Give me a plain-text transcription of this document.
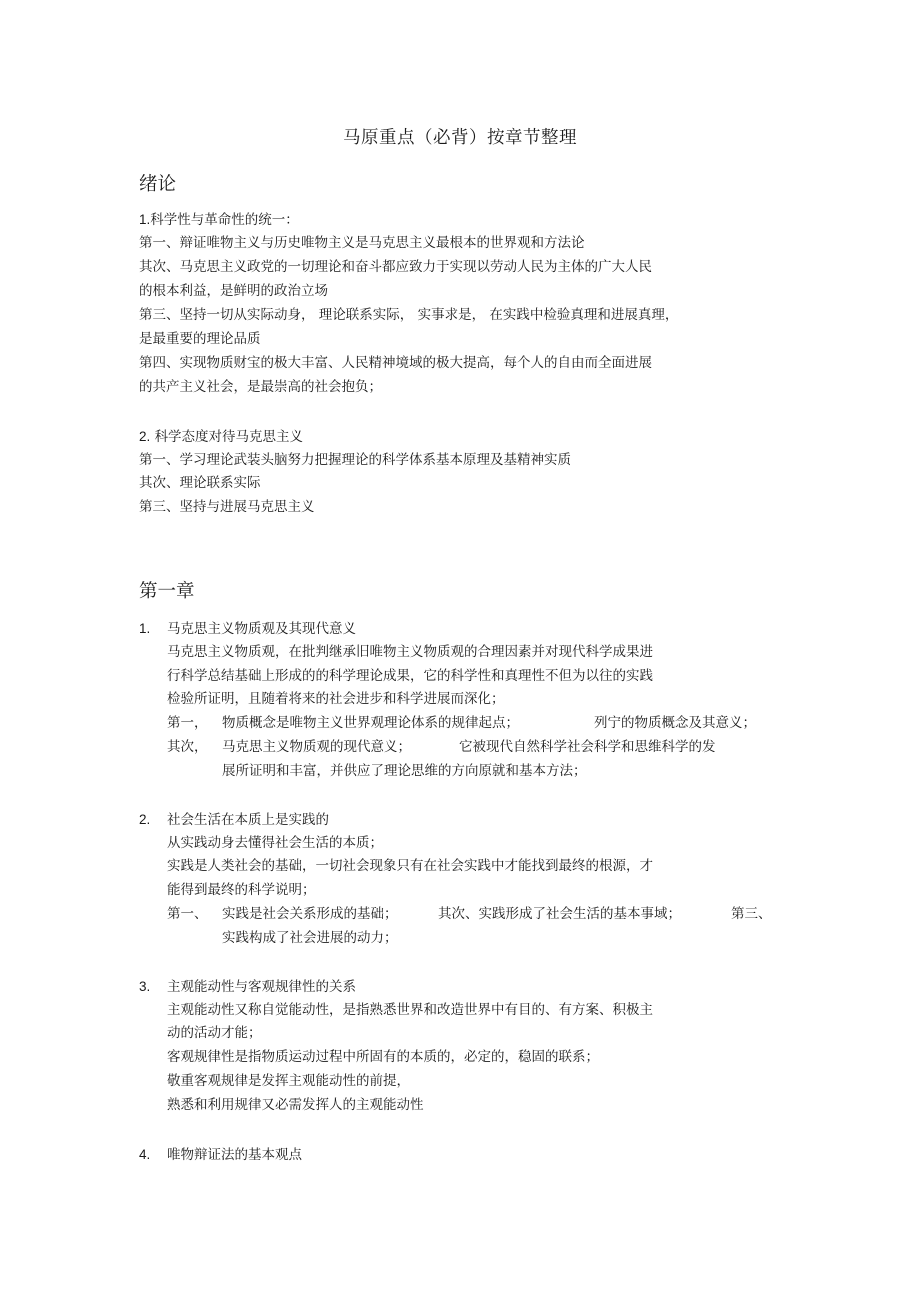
马原重点（必背）按章节整理
绪论
1.科学性与革命性的统一：
第一、辩证唯物主义与历史唯物主义是马克思主义最根本的世界观和方法论
其次、马克思主义政党的一切理论和奋斗都应致力于实现以劳动人民为主体的广大人民
的根本利益，是鲜明的政治立场
第三、坚持一切从实际动身， 理论联系实际， 实事求是， 在实践中检验真理和进展真理，
是最重要的理论品质
第四、实现物质财宝的极大丰富、人民精神境域的极大提高，每个人的自由而全面进展
的共产主义社会，是最崇高的社会抱负；
2. 科学态度对待马克思主义
第一、学习理论武装头脑努力把握理论的科学体系基本原理及基精神实质
其次、理论联系实际
第三、坚持与进展马克思主义
第一章
1. 马克思主义物质观及其现代意义
马克思主义物质观，在批判继承旧唯物主义物质观的合理因素并对现代科学成果进
行科学总结基础上形成的的科学理论成果，它的科学性和真理性不但为以往的实践
检验所证明，且随着将来的社会进步和科学进展而深化；
第一， 物质概念是唯物主义世界观理论体系的规律起点；	列宁的物质概念及其意义；
其次， 马克思主义物质观的现代意义；	它被现代自然科学社会科学和思维科学的发
展所证明和丰富，并供应了理论思维的方向原就和基本方法；
2. 社会生活在本质上是实践的
从实践动身去懂得社会生活的本质；
实践是人类社会的基础，一切社会现象只有在社会实践中才能找到最终的根源，才
能得到最终的科学说明；
第一、 实践是社会关系形成的基础；	其次、实践形成了社会生活的基本事域；	第三、
实践构成了社会进展的动力；
3. 主观能动性与客观规律性的关系
主观能动性又称自觉能动性，是指熟悉世界和改造世界中有目的、有方案、积极主
动的活动才能；
客观规律性是指物质运动过程中所固有的本质的，必定的，稳固的联系；
敬重客观规律是发挥主观能动性的前提，
熟悉和利用规律又必需发挥人的主观能动性
4. 唯物辩证法的基本观点
